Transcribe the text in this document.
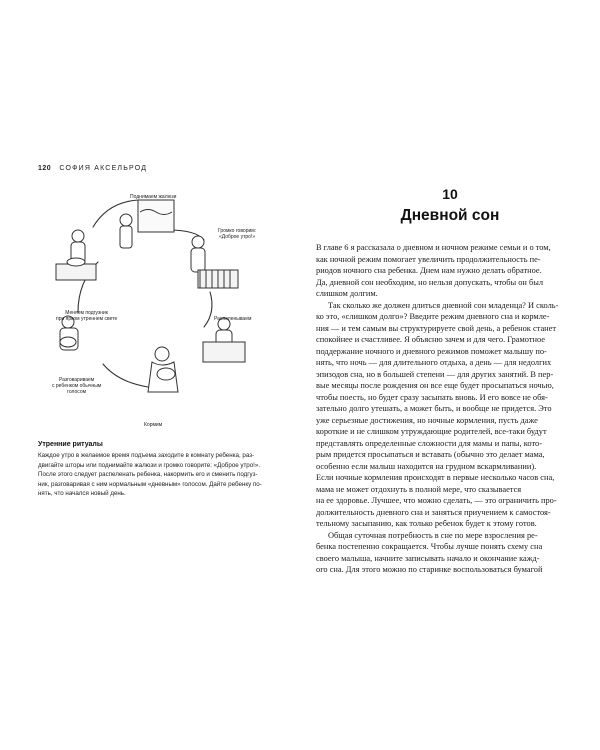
120 СОФИЯ АКСЕЛЬРОД
Поднимаем жалюзи
Громко говорим:
«Доброе утро!»
Меняем подгузник
при ярком утреннем свете	Распеленываем
Разговариваем
с ребенком обычным
голосом
Кормим
Утренние ритуалы
Каждое утро в желаемое время подъема заходите в комнату ребенка, раз-
двигайте шторы или поднимайте жалюзи и громко говорите: «Доброе утро!».
После этого следует распеленать ребенка, накормить его и сменить подгуз-
ник, разговаривая с ним нормальным «дневным» голосом. Дайте ребенку по-
нять, что начался новый день.
10
Дневной сон
В главе 6 я рассказала о дневном и ночном режиме семьи и о том,
как ночной режим помогает увеличить продолжительность пе-
риодов ночного сна ребенка. Днем нам нужно делать обратное.
Да, дневной сон необходим, но нельзя допускать, чтобы он был
слишком долгим.
Так сколько же должен длиться дневной сон младенца? И сколь-
ко это, «слишком долго»? Введите режим дневного сна и кормле-
ния — и тем самым вы структурируете свой день, а ребенок станет
спокойнее и счастливее. Я объясню зачем и для чего. Грамотное
поддержание ночного и дневного режимов поможет малышу по-
нять, что ночь — для длительного отдыха, а день — для недолгих
эпизодов сна, но в большей степени — для других занятий. В пер-
вые месяцы после рождения он все еще будет просыпаться ночью,
чтобы поесть, но будет сразу засыпать вновь. И его вовсе не обя-
зательно долго утешать, а может быть, и вообще не придется. Это
уже серьезные достижения, но ночные кормления, пусть даже
короткие и не слишком утруждающие родителей, все-таки будут
представлять определенные сложности для мамы и папы, кото-
рым придется просыпаться и вставать (обычно это делает мама,
особенно если малыш находится на грудном вскармливании).
Если ночные кормления происходят в первые несколько часов сна,
мама не может отдохнуть в полной мере, что сказывается
на ее здоровье. Лучшее, что можно сделать, — это ограничить про-
должительность дневного сна и заняться приучением к самостоя-
тельному засыпанию, как только ребенок будет к этому готов.
Общая суточная потребность в сне по мере взросления ре-
бенка постепенно сокращается. Чтобы лучше понять схему сна
своего малыша, начните записывать начало и окончание кажд-
ого сна. Для этого можно по старинке воспользоваться бумагой
